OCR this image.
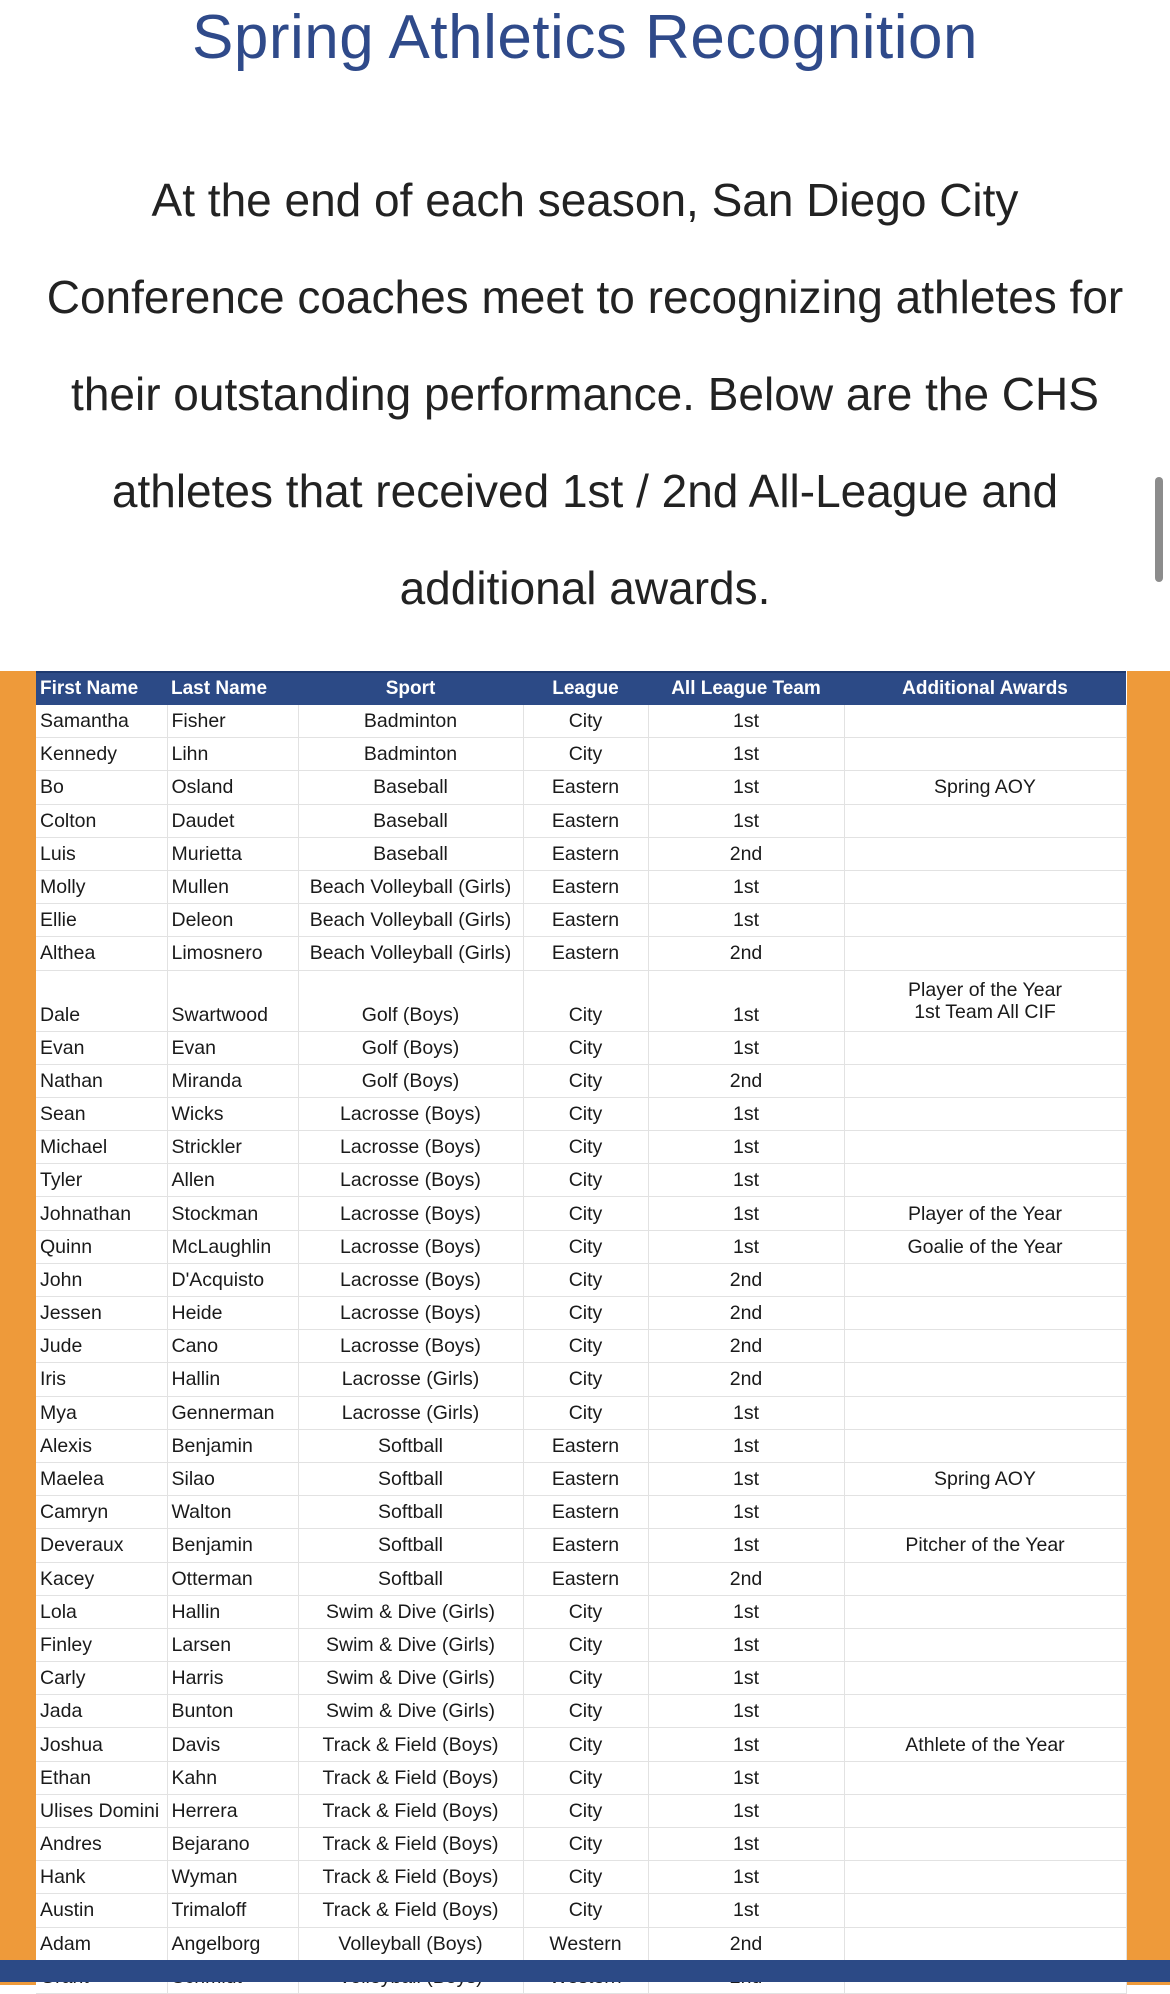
Spring Athletics Recognition

At the end of each season, San Diego City
Conference coaches meet to recognizing athletes for
their outstanding performance. Below are the CHS
athletes that received 1st / 2nd All-League and
additional awards.

First Name	Last Name	Sport	League	All League Team	Additional Awards
Samantha	Fisher	Badminton	City	1st	
Kennedy	Lihn	Badminton	City	1st	
Bo	Osland	Baseball	Eastern	1st	Spring AOY
Colton	Daudet	Baseball	Eastern	1st	
Luis	Murietta	Baseball	Eastern	2nd	
Molly	Mullen	Beach Volleyball (Girls)	Eastern	1st	
Ellie	Deleon	Beach Volleyball (Girls)	Eastern	1st	
Althea	Limosnero	Beach Volleyball (Girls)	Eastern	2nd	
Dale	Swartwood	Golf (Boys)	City	1st	Player of the Year
1st Team All CIF

Evan	Evan	Golf (Boys)	City	1st	
Nathan	Miranda	Golf (Boys)	City	2nd	
Sean	Wicks	Lacrosse (Boys)	City	1st	
Michael	Strickler	Lacrosse (Boys)	City	1st	
Tyler	Allen	Lacrosse (Boys)	City	1st	
Johnathan	Stockman	Lacrosse (Boys)	City	1st	Player of the Year
Quinn	McLaughlin	Lacrosse (Boys)	City	1st	Goalie of the Year
John	D'Acquisto	Lacrosse (Boys)	City	2nd	
Jessen	Heide	Lacrosse (Boys)	City	2nd	
Jude	Cano	Lacrosse (Boys)	City	2nd	
Iris	Hallin	Lacrosse (Girls)	City	2nd	
Mya	Gennerman	Lacrosse (Girls)	City	1st	
Alexis	Benjamin	Softball	Eastern	1st	
Maelea	Silao	Softball	Eastern	1st	Spring AOY
Camryn	Walton	Softball	Eastern	1st	
Deveraux	Benjamin	Softball	Eastern	1st	Pitcher of the Year
Kacey	Otterman	Softball	Eastern	2nd	
Lola	Hallin	Swim & Dive (Girls)	City	1st	
Finley	Larsen	Swim & Dive (Girls)	City	1st	
Carly	Harris	Swim & Dive (Girls)	City	1st	
Jada	Bunton	Swim & Dive (Girls)	City	1st	
Joshua	Davis	Track & Field (Boys)	City	1st	Athlete of the Year
Ethan	Kahn	Track & Field (Boys)	City	1st	
Ulises Domini	Herrera	Track & Field (Boys)	City	1st	
Andres	Bejarano	Track & Field (Boys)	City	1st	
Hank	Wyman	Track & Field (Boys)	City	1st	
Austin	Trimaloff	Track & Field (Boys)	City	1st	
Adam	Angelborg	Volleyball (Boys)	Western	2nd	
